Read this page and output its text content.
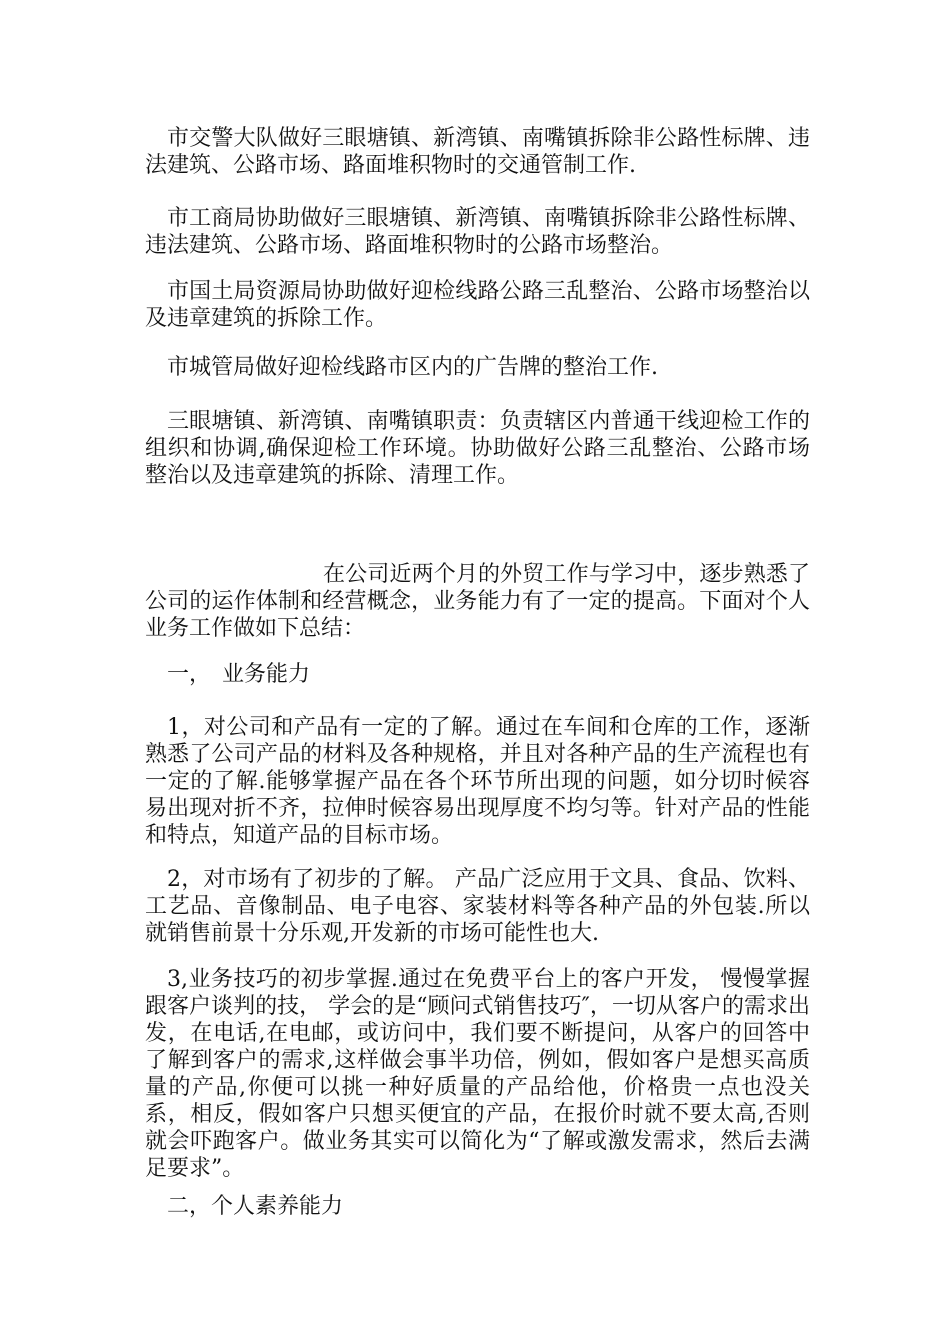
市交警大队做好三眼塘镇、新湾镇、南嘴镇拆除非公路性标牌、违法建筑、公路市场、路面堆积物时的交通管制工作.

市工商局协助做好三眼塘镇、新湾镇、南嘴镇拆除非公路性标牌、违法建筑、公路市场、路面堆积物时的公路市场整治。

市国土局资源局协助做好迎检线路公路三乱整治、公路市场整治以及违章建筑的拆除工作。

市城管局做好迎检线路市区内的广告牌的整治工作.

三眼塘镇、新湾镇、南嘴镇职责：负责辖区内普通干线迎检工作的组织和协调,确保迎检工作环境。协助做好公路三乱整治、公路市场整治以及违章建筑的拆除、清理工作。

在公司近两个月的外贸工作与学习中，逐步熟悉了公司的运作体制和经营概念，业务能力有了一定的提高。下面对个人业务工作做如下总结：

一，　业务能力

1，对公司和产品有一定的了解。通过在车间和仓库的工作，逐渐熟悉了公司产品的材料及各种规格，并且对各种产品的生产流程也有一定的了解.能够掌握产品在各个环节所出现的问题，如分切时候容易出现对折不齐，拉伸时候容易出现厚度不均匀等。针对产品的性能和特点，知道产品的目标市场。

2，对市场有了初步的了解。 产品广泛应用于文具、食品、饮料、工艺品、音像制品、电子电容、家装材料等各种产品的外包装.所以就销售前景十分乐观,开发新的市场可能性也大.

3,业务技巧的初步掌握.通过在免费平台上的客户开发， 慢慢掌握跟客户谈判的技， 学会的是“顾问式销售技巧″，一切从客户的需求出发，在电话,在电邮，或访问中，我们要不断提问，从客户的回答中了解到客户的需求,这样做会事半功倍，例如，假如客户是想买高质量的产品,你便可以挑一种好质量的产品给他，价格贵一点也没关系，相反，假如客户只想买便宜的产品，在报价时就不要太高,否则就会吓跑客户。做业务其实可以简化为“了解或激发需求，然后去满足要求”。

二，个人素养能力
